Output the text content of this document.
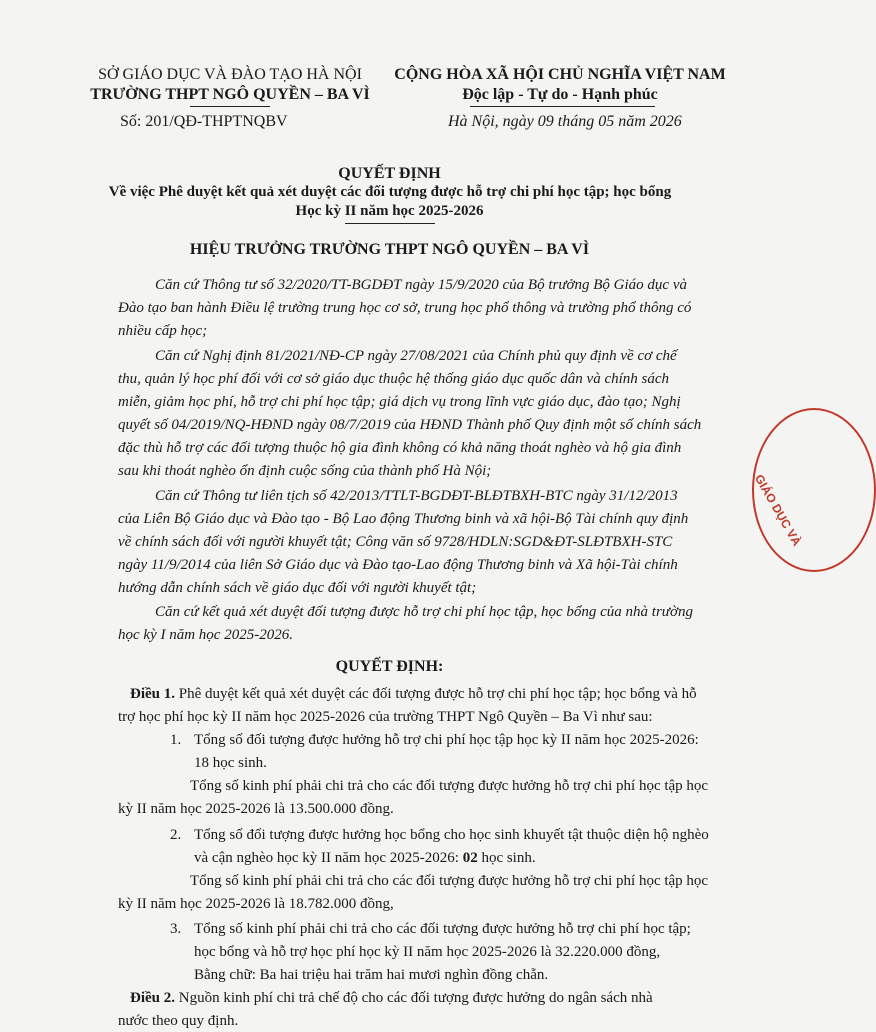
SỞ GIÁO DỤC VÀ ĐÀO TẠO HÀ NỘI
TRƯỜNG THPT NGÔ QUYỀN – BA VÌ
Số: 201/QĐ-THPTNQBV
CỘNG HÒA XÃ HỘI CHỦ NGHĨA VIỆT NAM
Độc lập - Tự do - Hạnh phúc
Hà Nội, ngày 09 tháng 05 năm 2026
QUYẾT ĐỊNH
Về việc Phê duyệt kết quả xét duyệt các đối tượng được hỗ trợ chi phí học tập; học bổng
Học kỳ II năm học 2025-2026
HIỆU TRƯỞNG TRƯỜNG THPT NGÔ QUYỀN – BA VÌ
Căn cứ Thông tư số 32/2020/TT-BGDĐT ngày 15/9/2020 của Bộ trưởng Bộ Giáo dục và
Đào tạo ban hành Điều lệ trường trung học cơ sở, trung học phổ thông và trường phổ thông có
nhiều cấp học;
Căn cứ Nghị định 81/2021/NĐ-CP ngày 27/08/2021 của Chính phủ quy định về cơ chế
thu, quản lý học phí đối với cơ sở giáo dục thuộc hệ thống giáo dục quốc dân và chính sách
miễn, giảm học phí, hỗ trợ chi phí học tập; giá dịch vụ trong lĩnh vực giáo dục, đào tạo; Nghị
quyết số 04/2019/NQ-HĐND ngày 08/7/2019 của HĐND Thành phố Quy định một số chính sách
đặc thù hỗ trợ các đối tượng thuộc hộ gia đình không có khả năng thoát nghèo và hộ gia đình
sau khi thoát nghèo ổn định cuộc sống của thành phố Hà Nội;
Căn cứ Thông tư liên tịch số 42/2013/TTLT-BGDĐT-BLĐTBXH-BTC ngày 31/12/2013
của Liên Bộ Giáo dục và Đào tạo - Bộ Lao động Thương binh và xã hội-Bộ Tài chính quy định
về chính sách đối với người khuyết tật; Công văn số 9728/HDLN:SGD&ĐT-SLĐTBXH-STC
ngày 11/9/2014 của liên Sở Giáo dục và Đào tạo-Lao động Thương binh và Xã hội-Tài chính
hướng dẫn chính sách về giáo dục đối với người khuyết tật;
Căn cứ kết quả xét duyệt đối tượng được hỗ trợ chi phí học tập, học bổng của nhà trường
học kỳ I năm học 2025-2026.
QUYẾT ĐỊNH:
Điều 1. Phê duyệt kết quả xét duyệt các đối tượng được hỗ trợ chi phí học tập; học bổng và hỗ
trợ học phí học kỳ II năm học 2025-2026 của trường THPT Ngô Quyền – Ba Vì như sau:
1. Tổng số đối tượng được hưởng hỗ trợ chi phí học tập học kỳ II năm học 2025-2026:
18 học sinh.
Tổng số kinh phí phải chi trả cho các đối tượng được hưởng hỗ trợ chi phí học tập học
kỳ II năm học 2025-2026 là 13.500.000 đồng.
2. Tổng số đối tượng được hưởng học bổng cho học sinh khuyết tật thuộc diện hộ nghèo
và cận nghèo học kỳ II năm học 2025-2026: 02 học sinh.
Tổng số kinh phí phải chi trả cho các đối tượng được hưởng hỗ trợ chi phí học tập học
kỳ II năm học 2025-2026 là 18.782.000 đồng,
3. Tổng số kinh phí phải chi trả cho các đối tượng được hưởng hỗ trợ chi phí học tập;
học bổng và hỗ trợ học phí học kỳ II năm học 2025-2026 là 32.220.000 đồng,
Bằng chữ: Ba hai triệu hai trăm hai mươi nghìn đồng chẵn.
Điều 2. Nguồn kinh phí chi trả chế độ cho các đối tượng được hưởng do ngân sách nhà
nước theo quy định.
GIÁO DỤC VÀ
